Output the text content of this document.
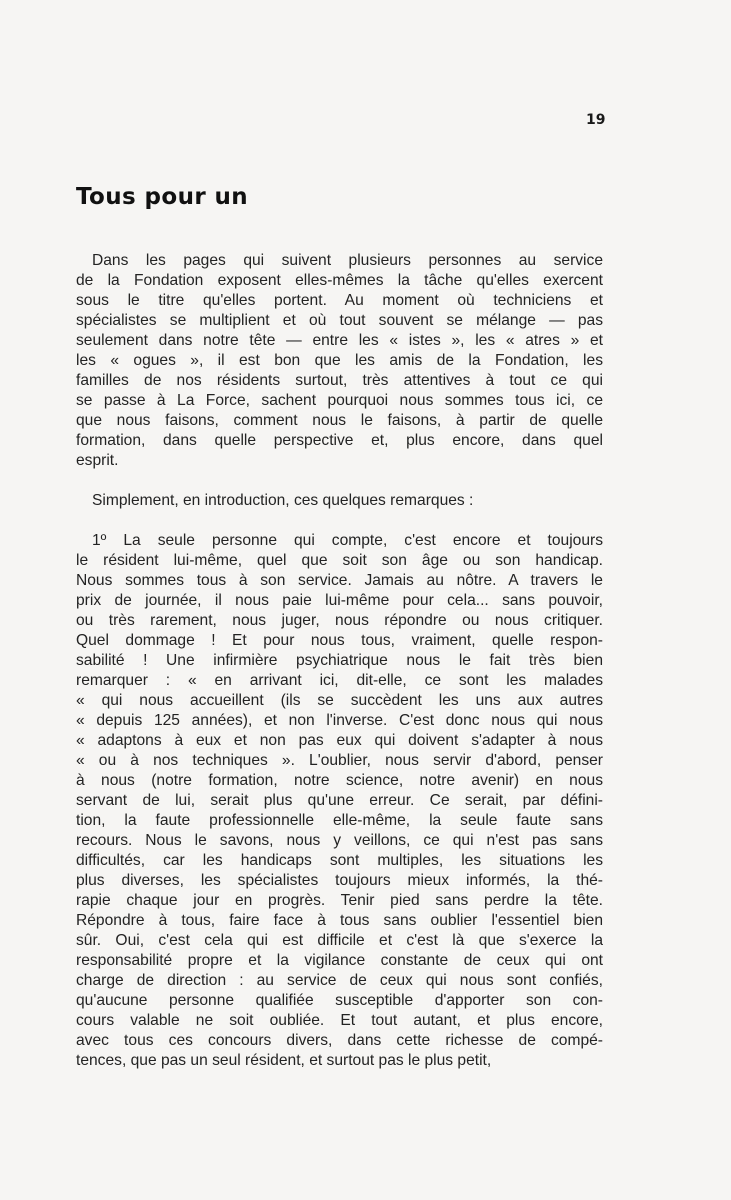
19
Tous pour un

Dans les pages qui suivent plusieurs personnes au service
de la Fondation exposent elles-mêmes la tâche qu'elles exercent
sous le titre qu'elles portent. Au moment où techniciens et
spécialistes se multiplient et où tout souvent se mélange — pas
seulement dans notre tête — entre les « istes », les « atres » et
les « ogues », il est bon que les amis de la Fondation, les
familles de nos résidents surtout, très attentives à tout ce qui
se passe à La Force, sachent pourquoi nous sommes tous ici, ce
que nous faisons, comment nous le faisons, à partir de quelle
formation, dans quelle perspective et, plus encore, dans quel
esprit.

Simplement, en introduction, ces quelques remarques :

1º La seule personne qui compte, c'est encore et toujours
le résident lui-même, quel que soit son âge ou son handicap.
Nous sommes tous à son service. Jamais au nôtre. A travers le
prix de journée, il nous paie lui-même pour cela... sans pouvoir,
ou très rarement, nous juger, nous répondre ou nous critiquer.
Quel dommage ! Et pour nous tous, vraiment, quelle respon-
sabilité ! Une infirmière psychiatrique nous le fait très bien
remarquer : « en arrivant ici, dit-elle, ce sont les malades
« qui nous accueillent (ils se succèdent les uns aux autres
« depuis 125 années), et non l'inverse. C'est donc nous qui nous
« adaptons à eux et non pas eux qui doivent s'adapter à nous
« ou à nos techniques ». L'oublier, nous servir d'abord, penser
à nous (notre formation, notre science, notre avenir) en nous
servant de lui, serait plus qu'une erreur. Ce serait, par défini-
tion, la faute professionnelle elle-même, la seule faute sans
recours. Nous le savons, nous y veillons, ce qui n'est pas sans
difficultés, car les handicaps sont multiples, les situations les
plus diverses, les spécialistes toujours mieux informés, la thé-
rapie chaque jour en progrès. Tenir pied sans perdre la tête.
Répondre à tous, faire face à tous sans oublier l'essentiel bien
sûr. Oui, c'est cela qui est difficile et c'est là que s'exerce la
responsabilité propre et la vigilance constante de ceux qui ont
charge de direction : au service de ceux qui nous sont confiés,
qu'aucune personne qualifiée susceptible d'apporter son con-
cours valable ne soit oubliée. Et tout autant, et plus encore,
avec tous ces concours divers, dans cette richesse de compé-
tences, que pas un seul résident, et surtout pas le plus petit,
